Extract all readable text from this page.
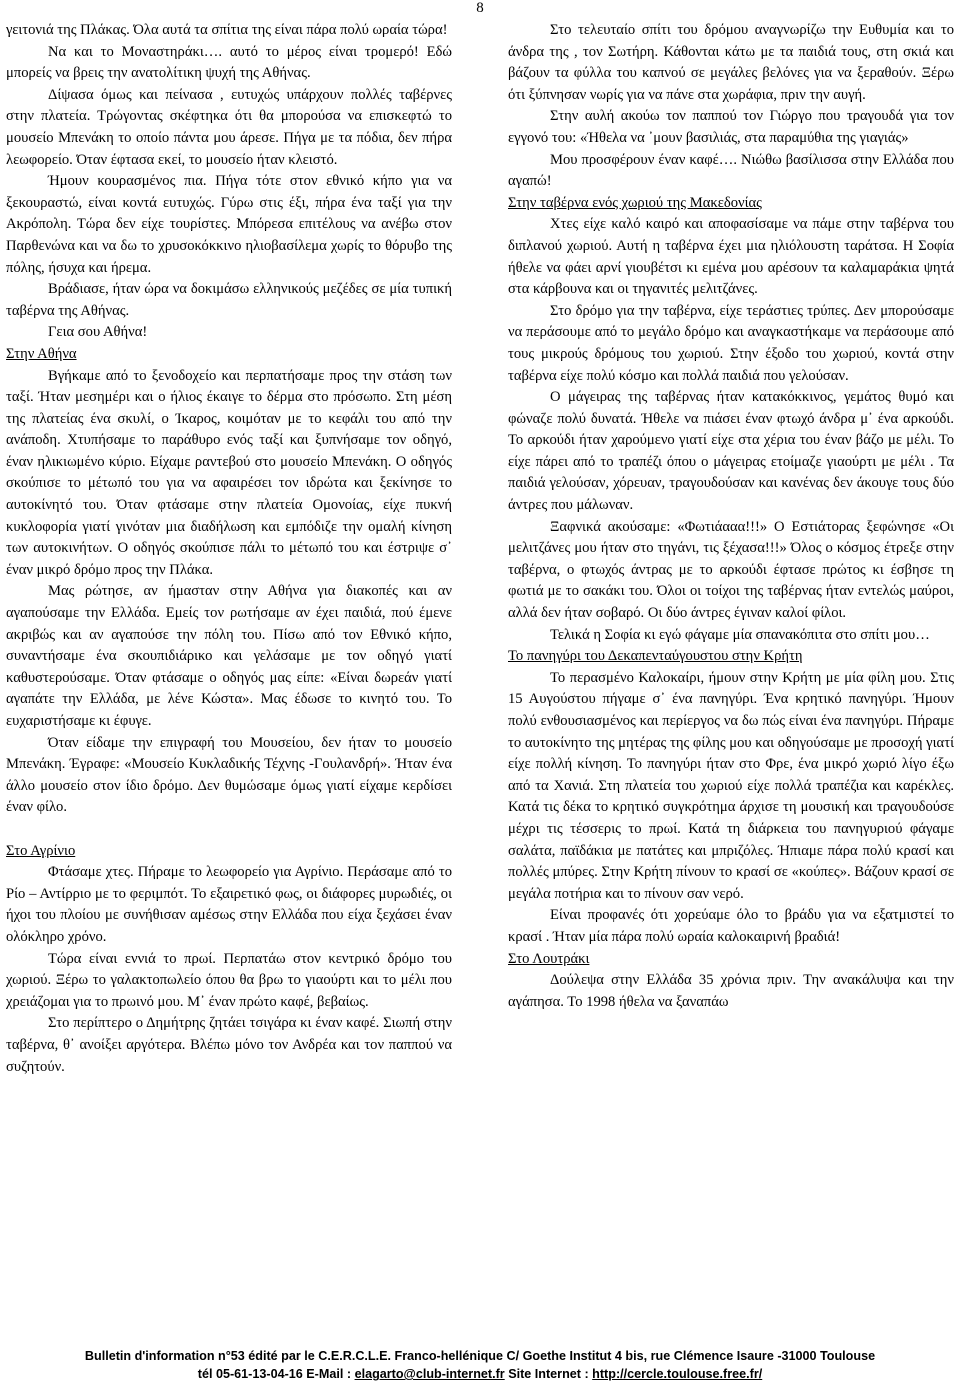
8

γειτονιά της Πλάκας. Όλα αυτά τα σπίτια της είναι πάρα πολύ ωραία τώρα!

Να και το Μοναστηράκι…. αυτό το μέρος είναι τρομερό! Εδώ μπορείς να βρεις την ανατολίτικη ψυχή της Αθήνας.

Δίψασα όμως και πείνασα , ευτυχώς υπάρχουν πολλές ταβέρνες στην πλατεία. Τρώγοντας σκέφτηκα ότι θα μπορούσα να επισκεφτώ το μουσείο Μπενάκη το οποίο πάντα μου άρεσε. Πήγα με τα πόδια, δεν πήρα λεωφορείο. Όταν έφτασα εκεί, το μουσείο ήταν κλειστό.

Ήμουν κουρασμένος πια. Πήγα τότε στον εθνικό κήπο για να ξεκουραστώ, είναι κοντά ευτυχώς. Γύρω στις έξι, πήρα ένα ταξί για την Ακρόπολη. Τώρα δεν είχε τουρίστες. Μπόρεσα επιτέλους να ανέβω στον Παρθενώνα και να δω το χρυσοκόκκινο ηλιοβασίλεμα χωρίς το θόρυβο της πόλης, ήσυχα και ήρεμα.

Βράδιασε, ήταν ώρα να δοκιμάσω ελληνικούς μεζέδες σε μία τυπική ταβέρνα της Αθήνας.

Γεια σου Αθήνα!

Στην Αθήνα

Βγήκαμε από το ξενοδοχείο και περπατήσαμε προς την στάση των ταξί. Ήταν μεσημέρι και ο ήλιος έκαιγε το δέρμα στο πρόσωπο. Στη μέση της πλατείας ένα σκυλί, ο Ίκαρος, κοιμόταν με το κεφάλι του από την ανάποδη. Χτυπήσαμε το παράθυρο ενός ταξί και ξυπνήσαμε τον οδηγό, έναν ηλικιωμένο κύριο. Είχαμε ραντεβού στο μουσείο Μπενάκη. Ο οδηγός σκούπισε το μέτωπό του για να αφαιρέσει τον ιδρώτα και ξεκίνησε το αυτοκίνητό του. Όταν φτάσαμε στην πλατεία Ομονοίας, είχε πυκνή κυκλοφορία γιατί γινόταν μια διαδήλωση και εμπόδιζε την ομαλή κίνηση των αυτοκινήτων. Ο οδηγός σκούπισε πάλι το μέτωπό του και έστριψε σ᾽ έναν μικρό δρόμο προς την Πλάκα.

Μας ρώτησε, αν ήμασταν στην Αθήνα για διακοπές και αν αγαπούσαμε την Ελλάδα. Εμείς τον ρωτήσαμε αν έχει παιδιά, πού έμενε ακριβώς και αν αγαπούσε την πόλη του. Πίσω από τον Εθνικό κήπο, συναντήσαμε ένα σκουπιδιάρικο και γελάσαμε με τον οδηγό γιατί καθυστερούσαμε. Όταν φτάσαμε ο οδηγός μας είπε: «Είναι δωρεάν γιατί αγαπάτε την Ελλάδα, με λένε Κώστα». Μας έδωσε το κινητό του. Το ευχαριστήσαμε κι έφυγε.

Όταν είδαμε την επιγραφή του Μουσείου, δεν ήταν το μουσείο Μπενάκη. Έγραφε: «Μουσείο Κυκλαδικής Τέχνης -Γουλανδρή». Ήταν ένα άλλο μουσείο στον ίδιο δρόμο. Δεν θυμώσαμε όμως γιατί είχαμε κερδίσει έναν φίλο.

Στο Αγρίνιο

Φτάσαμε χτες. Πήραμε το λεωφορείο για Αγρίνιο. Περάσαμε από το Ρίο – Αντίρριο με το φεριμπότ. Το εξαιρετικό φως, οι διάφορες μυρωδιές, οι ήχοι του πλοίου με συνήθισαν αμέσως στην Ελλάδα που είχα ξεχάσει έναν ολόκληρο χρόνο.

Τώρα είναι εννιά το πρωί. Περπατάω στον κεντρικό δρόμο του χωριού. Ξέρω το γαλακτοπωλείο όπου θα βρω το γιαούρτι και το μέλι που χρειάζομαι για το πρωινό μου. Μ᾽ έναν πρώτο καφέ, βεβαίως.

Στο περίπτερο ο Δημήτρης ζητάει τσιγάρα κι έναν καφέ. Σιωπή στην ταβέρνα, θ᾽ ανοίξει αργότερα. Βλέπω μόνο τον Ανδρέα και τον παππού να συζητούν.

Στο τελευταίο σπίτι του δρόμου αναγνωρίζω την Ευθυμία και το άνδρα της , τον Σωτήρη. Κάθονται κάτω με τα παιδιά τους, στη σκιά και βάζουν τα φύλλα του καπνού σε μεγάλες βελόνες για να ξεραθούν. Ξέρω ότι ξύπνησαν νωρίς για να πάνε στα χωράφια, πριν την αυγή.

Στην αυλή ακούω τον παππού τον Γιώργο που τραγουδά για τον εγγονό του: «Ήθελα να ᾽μουν βασιλιάς, στα παραμύθια της γιαγιάς»

Μου προσφέρουν έναν καφέ…. Νιώθω βασίλισσα στην Ελλάδα που αγαπώ!

Στην ταβέρνα ενός χωριού της Μακεδονίας

Χτες είχε καλό καιρό και αποφασίσαμε να πάμε στην ταβέρνα του διπλανού χωριού. Αυτή η ταβέρνα έχει μια ηλιόλουστη ταράτσα. Η Σοφία ήθελε να φάει αρνί γιουβέτσι κι εμένα μου αρέσουν τα καλαμαράκια ψητά στα κάρβουνα και οι τηγανιτές μελιτζάνες.

Στο δρόμο για την ταβέρνα, είχε τεράστιες τρύπες. Δεν μπορούσαμε να περάσουμε από το μεγάλο δρόμο και αναγκαστήκαμε να περάσουμε από τους μικρούς δρόμους του χωριού. Στην έξοδο του χωριού, κοντά στην ταβέρνα είχε πολύ κόσμο και πολλά παιδιά που γελούσαν.

Ο μάγειρας της ταβέρνας ήταν κατακόκκινος, γεμάτος θυμό και φώναζε πολύ δυνατά. Ήθελε να πιάσει έναν φτωχό άνδρα μ᾽ ένα αρκούδι. Το αρκούδι ήταν χαρούμενο γιατί είχε στα χέρια του έναν βάζο με μέλι. Το είχε πάρει από το τραπέζι όπου ο μάγειρας ετοίμαζε γιαούρτι με μέλι . Τα παιδιά γελούσαν, χόρευαν, τραγουδούσαν και κανένας δεν άκουγε τους δύο άντρες που μάλωναν.

Ξαφνικά ακούσαμε: «Φωτιάααα!!!» Ο Εστιάτορας ξεφώνησε «Οι μελιτζάνες μου ήταν στο τηγάνι, τις ξέχασα!!!» Όλος ο κόσμος έτρεξε στην ταβέρνα, ο φτωχός άντρας με το αρκούδι έφτασε πρώτος κι έσβησε τη φωτιά με το σακάκι του. Όλοι οι τοίχοι της ταβέρνας ήταν εντελώς μαύροι, αλλά δεν ήταν σοβαρό. Οι δύο άντρες έγιναν καλοί φίλοι.

Τελικά η Σοφία κι εγώ φάγαμε μία σπανακόπιτα στο σπίτι μου…

Το πανηγύρι του Δεκαπενταύγουστου στην Κρήτη

Το περασμένο Καλοκαίρι, ήμουν στην Κρήτη με μία φίλη μου. Στις 15 Αυγούστου πήγαμε σ᾽ ένα πανηγύρι. Ένα κρητικό πανηγύρι. Ήμουν πολύ ενθουσιασμένος και περίεργος να δω πώς είναι ένα πανηγύρι. Πήραμε το αυτοκίνητο της μητέρας της φίλης μου και οδηγούσαμε με προσοχή γιατί είχε πολλή κίνηση. Το πανηγύρι ήταν στο Φρε, ένα μικρό χωριό λίγο έξω από τα Χανιά. Στη πλατεία του χωριού είχε πολλά τραπέζια και καρέκλες. Κατά τις δέκα το κρητικό συγκρότημα άρχισε τη μουσική και τραγουδούσε μέχρι τις τέσσερις το πρωί. Κατά τη διάρκεια του πανηγυριού φάγαμε σαλάτα, παϊδάκια με πατάτες και μπριζόλες. Ήπιαμε πάρα πολύ κρασί και πολλές μπύρες. Στην Κρήτη πίνουν το κρασί σε «κούπες». Βάζουν κρασί σε μεγάλα ποτήρια και το πίνουν σαν νερό.

Είναι προφανές ότι χορεύαμε όλο το βράδυ για να εξατμιστεί το κρασί . Ήταν μία πάρα πολύ ωραία καλοκαιρινή βραδιά!

Στο Λουτράκι

Δούλεψα στην Ελλάδα 35 χρόνια πριν. Την ανακάλυψα και την αγάπησα. Το 1998 ήθελα να ξαναπάω

Bulletin d'information n°53 édité par le C.E.R.C.L.E. Franco-hellénique C/ Goethe Institut 4 bis, rue Clémence Isaure -31000 Toulouse
tél 05-61-13-04-16 E-Mail : elagarto@club-internet.fr Site Internet : http://cercle.toulouse.free.fr/
